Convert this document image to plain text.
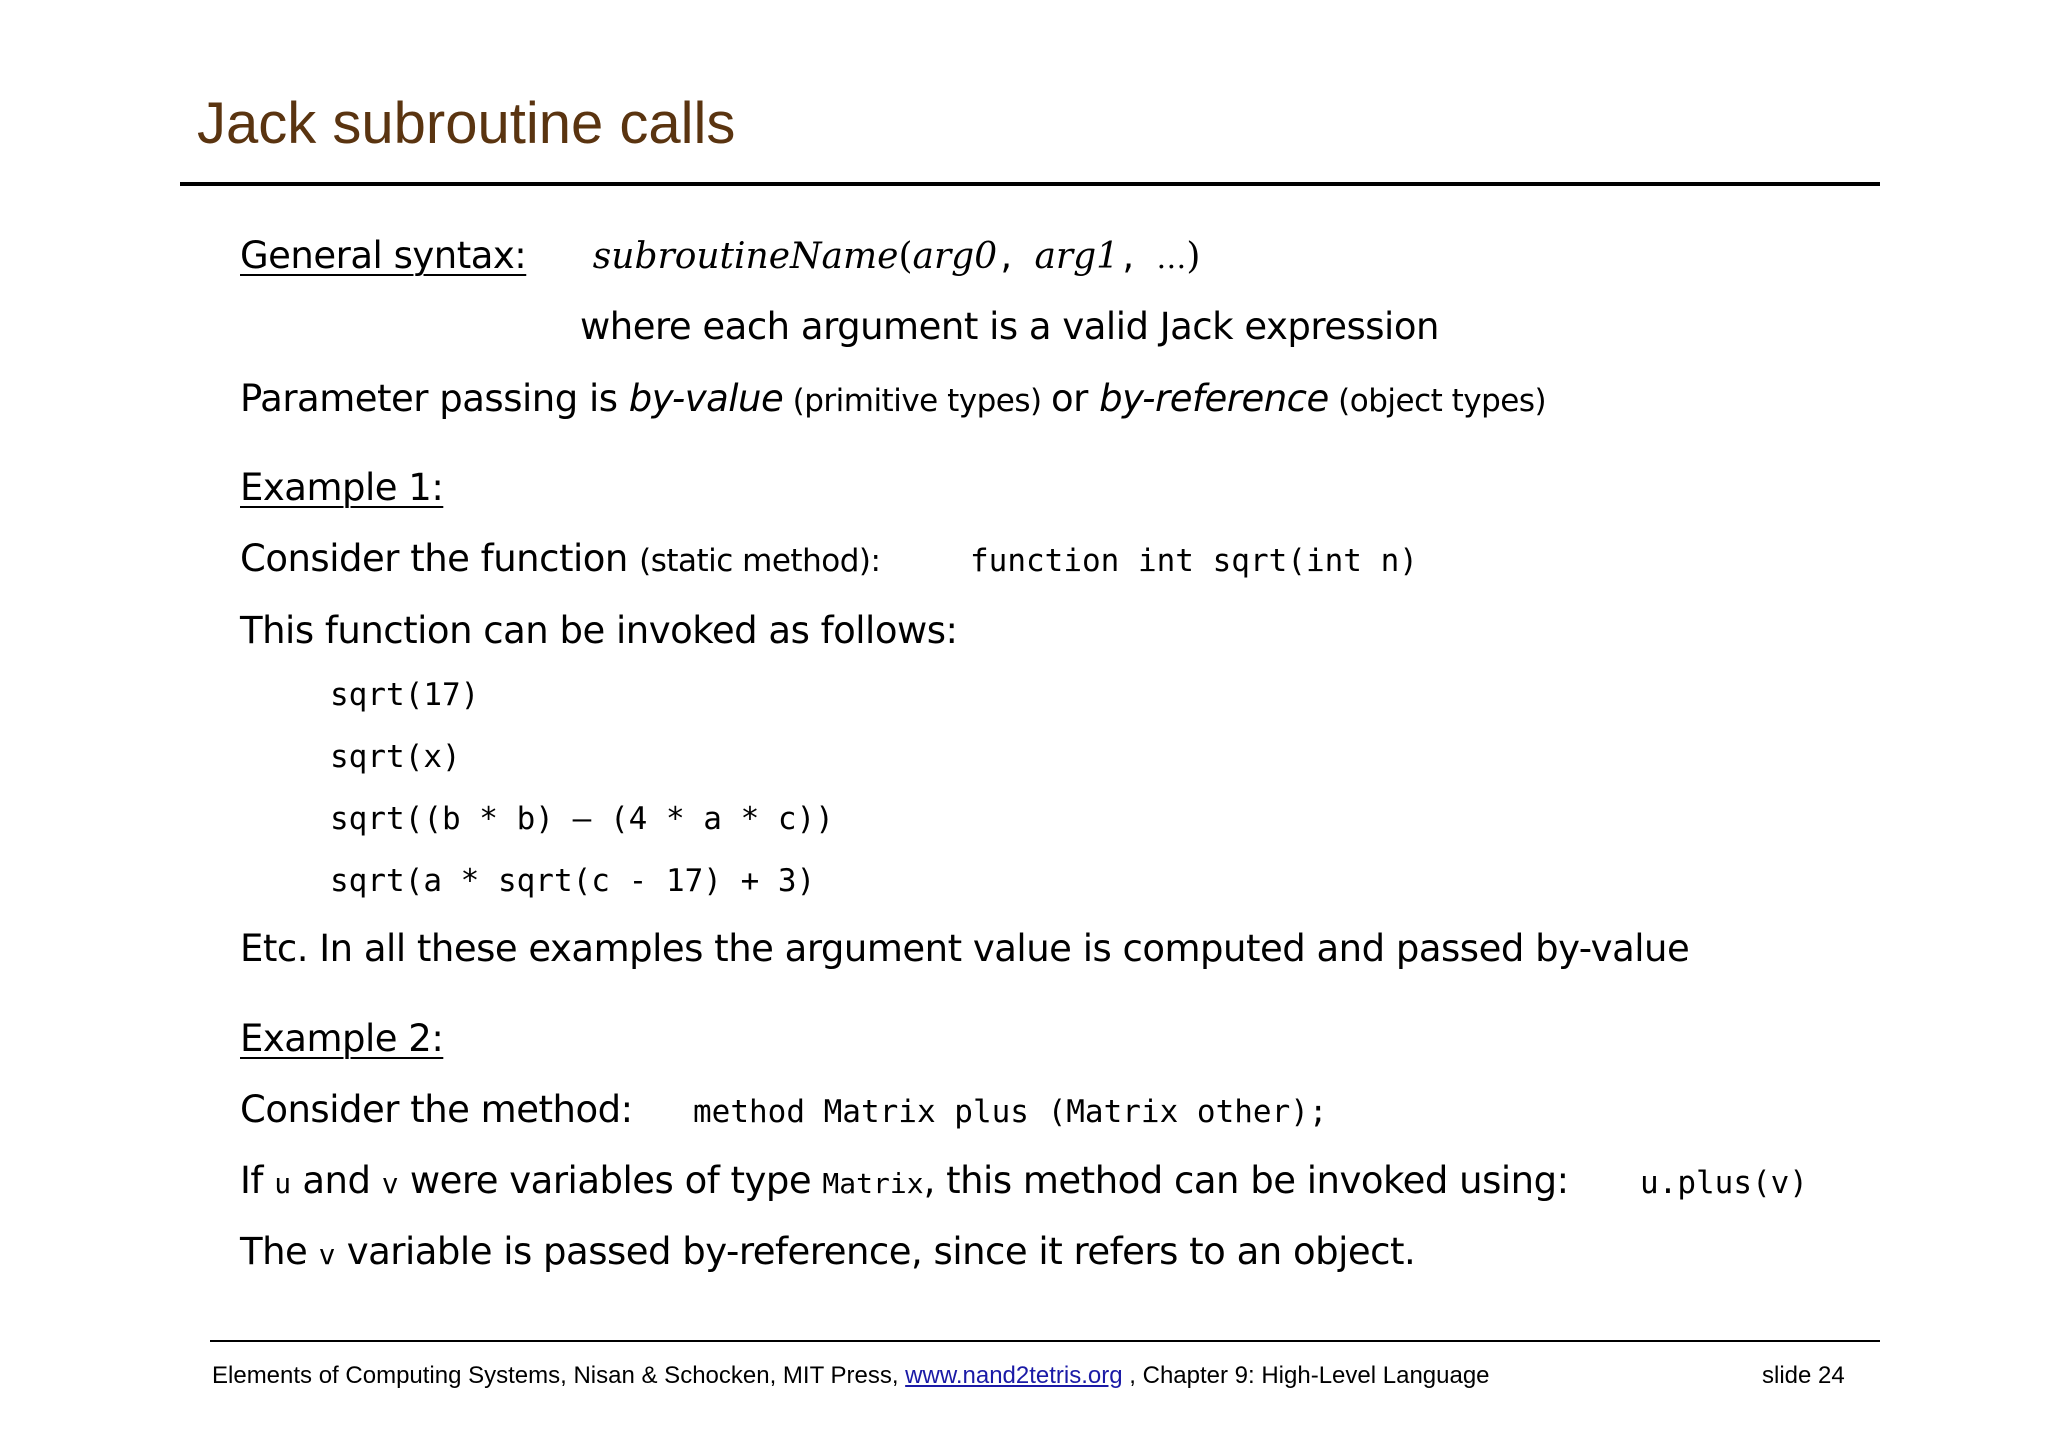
Jack subroutine calls
General syntax: subroutineName(arg0, arg1, …)
where each argument is a valid Jack expression
Parameter passing is by-value (primitive types) or by-reference (object types)
Example 1:
Consider the function (static method):	function int sqrt(int n)
This function can be invoked as follows:
sqrt(17)
sqrt(x)
sqrt((b * b) – (4 * a * c))
sqrt(a * sqrt(c - 17) + 3)
Etc. In all these examples the argument value is computed and passed by-value
Example 2:
Consider the method: method Matrix plus (Matrix other);
If u and v were variables of type Matrix, this method can be invoked using: u.plus(v)
The v variable is passed by-reference, since it refers to an object.
Elements of Computing Systems, Nisan & Schocken, MIT Press, www.nand2tetris.org , Chapter 9: High-Level Language	slide 24
